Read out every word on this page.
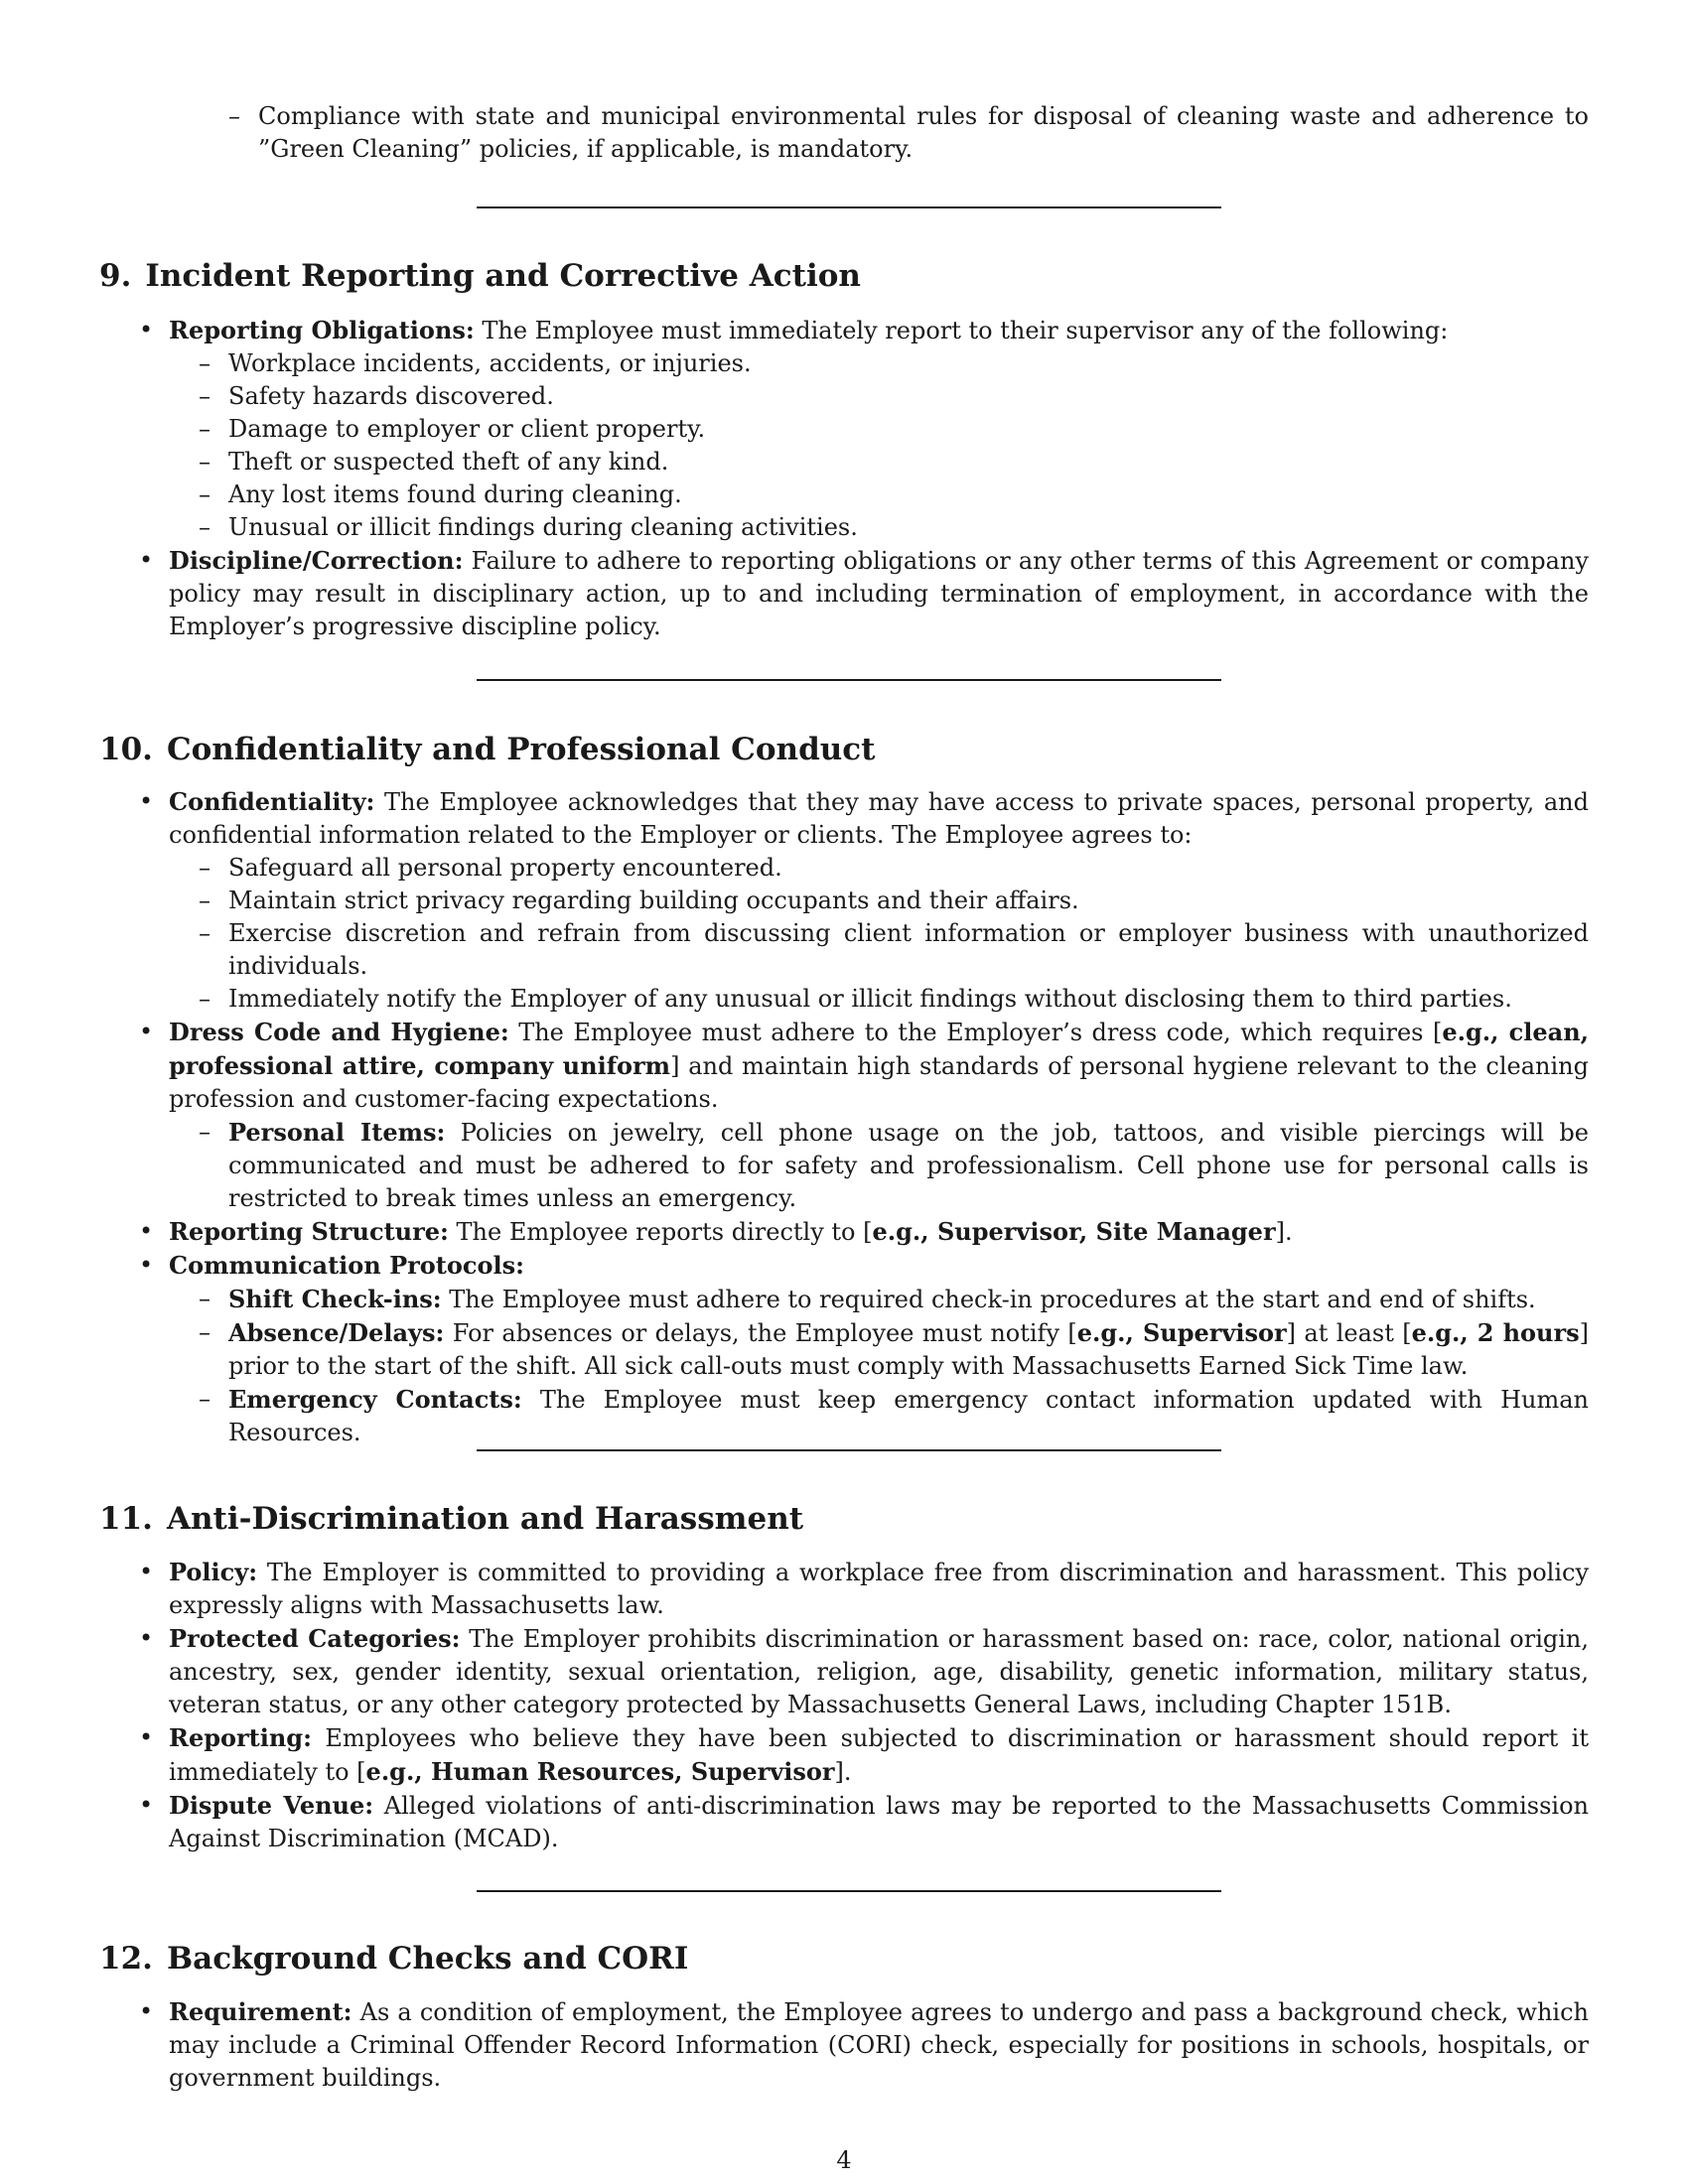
– Compliance with state and municipal environmental rules for disposal of cleaning waste and adherence to ”Green Cleaning” policies, if applicable, is mandatory.
9. Incident Reporting and Corrective Action
• Reporting Obligations: The Employee must immediately report to their supervisor any of the following:
– Workplace incidents, accidents, or injuries.
– Safety hazards discovered.
– Damage to employer or client property.
– Theft or suspected theft of any kind.
– Any lost items found during cleaning.
– Unusual or illicit findings during cleaning activities.
• Discipline/Correction: Failure to adhere to reporting obligations or any other terms of this Agreement or company policy may result in disciplinary action, up to and including termination of employment, in accordance with the Employer’s progressive discipline policy.
10. Confidentiality and Professional Conduct
• Confidentiality: The Employee acknowledges that they may have access to private spaces, personal property, and confidential information related to the Employer or clients. The Employee agrees to:
– Safeguard all personal property encountered.
– Maintain strict privacy regarding building occupants and their affairs.
– Exercise discretion and refrain from discussing client information or employer business with unauthorized individuals.
– Immediately notify the Employer of any unusual or illicit findings without disclosing them to third parties.
• Dress Code and Hygiene: The Employee must adhere to the Employer’s dress code, which requires [e.g., clean, professional attire, company uniform] and maintain high standards of personal hygiene relevant to the cleaning profession and customer-facing expectations.
– Personal Items: Policies on jewelry, cell phone usage on the job, tattoos, and visible piercings will be communicated and must be adhered to for safety and professionalism. Cell phone use for personal calls is restricted to break times unless an emergency.
• Reporting Structure: The Employee reports directly to [e.g., Supervisor, Site Manager].
• Communication Protocols:
– Shift Check-ins: The Employee must adhere to required check-in procedures at the start and end of shifts.
– Absence/Delays: For absences or delays, the Employee must notify [e.g., Supervisor] at least [e.g., 2 hours] prior to the start of the shift. All sick call-outs must comply with Massachusetts Earned Sick Time law.
– Emergency Contacts: The Employee must keep emergency contact information updated with Human Resources.
11. Anti-Discrimination and Harassment
• Policy: The Employer is committed to providing a workplace free from discrimination and harassment. This policy expressly aligns with Massachusetts law.
• Protected Categories: The Employer prohibits discrimination or harassment based on: race, color, national origin, ancestry, sex, gender identity, sexual orientation, religion, age, disability, genetic information, military status, veteran status, or any other category protected by Massachusetts General Laws, including Chapter 151B.
• Reporting: Employees who believe they have been subjected to discrimination or harassment should report it immediately to [e.g., Human Resources, Supervisor].
• Dispute Venue: Alleged violations of anti-discrimination laws may be reported to the Massachusetts Commission Against Discrimination (MCAD).
12. Background Checks and CORI
• Requirement: As a condition of employment, the Employee agrees to undergo and pass a background check, which may include a Criminal Offender Record Information (CORI) check, especially for positions in schools, hospitals, or government buildings.
4
